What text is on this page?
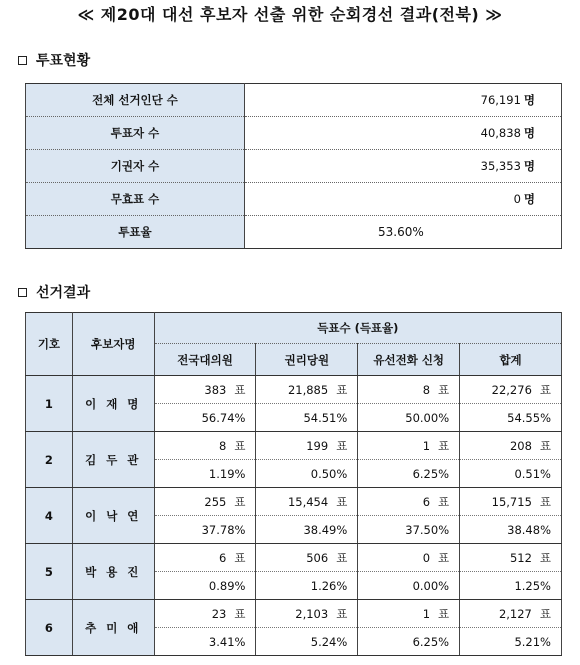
≪ 제20대 대선 후보자 선출 위한 순회경선 결과(전북) ≫
투표현황
전체 선거인단 수	76,191 명
투표자 수	40,838 명
기권자 수	35,353 명
무효표 수	0 명
투표율	53.60%
선거결과
기호	후보자명	득표수 (득표율)			
		전국대의원	권리당원	유선전화 신청	합계
1	이 재 명	383 표	21,885 표	8 표	22,276 표
		56.74%	54.51%	50.00%	54.55%
2	김 두 관	8 표	199 표	1 표	208 표
		1.19%	0.50%	6.25%	0.51%
4	이 낙 연	255 표	15,454 표	6 표	15,715 표
		37.78%	38.49%	37.50%	38.48%
5	박 용 진	6 표	506 표	0 표	512 표
		0.89%	1.26%	0.00%	1.25%
6	추 미 애	23 표	2,103 표	1 표	2,127 표
		3.41%	5.24%	6.25%	5.21%
